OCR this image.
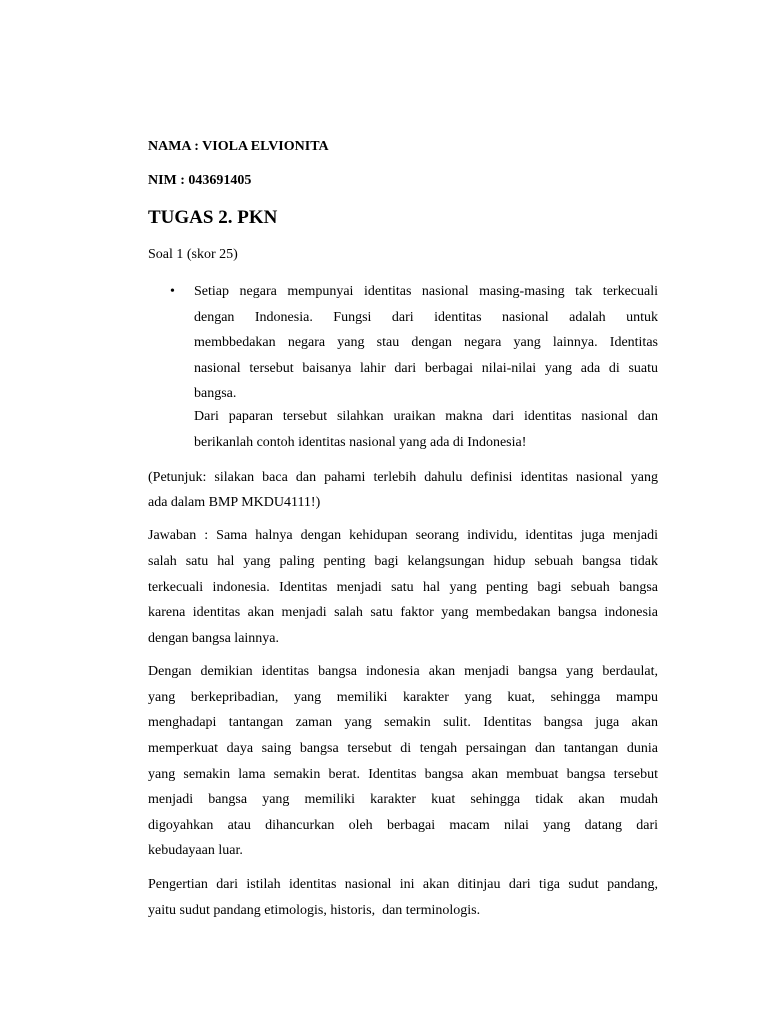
NAMA : VIOLA ELVIONITA
NIM : 043691405
TUGAS 2. PKN
Soal 1 (skor 25)
• Setiap negara mempunyai identitas nasional masing-masing tak terkecuali
dengan Indonesia. Fungsi dari identitas nasional adalah untuk
membbedakan negara yang stau dengan negara yang lainnya. Identitas
nasional tersebut baisanya lahir dari berbagai nilai-nilai yang ada di suatu
bangsa.
Dari paparan tersebut silahkan uraikan makna dari identitas nasional dan
berikanlah contoh identitas nasional yang ada di Indonesia!
(Petunjuk: silakan baca dan pahami terlebih dahulu definisi identitas nasional yang
ada dalam BMP MKDU4111!)
Jawaban : Sama halnya dengan kehidupan seorang individu, identitas juga menjadi
salah satu hal yang paling penting bagi kelangsungan hidup sebuah bangsa tidak
terkecuali indonesia. Identitas menjadi satu hal yang penting bagi sebuah bangsa
karena identitas akan menjadi salah satu faktor yang membedakan bangsa indonesia
dengan bangsa lainnya.
Dengan demikian identitas bangsa indonesia akan menjadi bangsa yang berdaulat,
yang berkepribadian, yang memiliki karakter yang kuat, sehingga mampu
menghadapi tantangan zaman yang semakin sulit. Identitas bangsa juga akan
memperkuat daya saing bangsa tersebut di tengah persaingan dan tantangan dunia
yang semakin lama semakin berat. Identitas bangsa akan membuat bangsa tersebut
menjadi bangsa yang memiliki karakter kuat sehingga tidak akan mudah
digoyahkan atau dihancurkan oleh berbagai macam nilai yang datang dari
kebudayaan luar.
Pengertian dari istilah identitas nasional ini akan ditinjau dari tiga sudut pandang,
yaitu sudut pandang etimologis, historis,  dan terminologis.
